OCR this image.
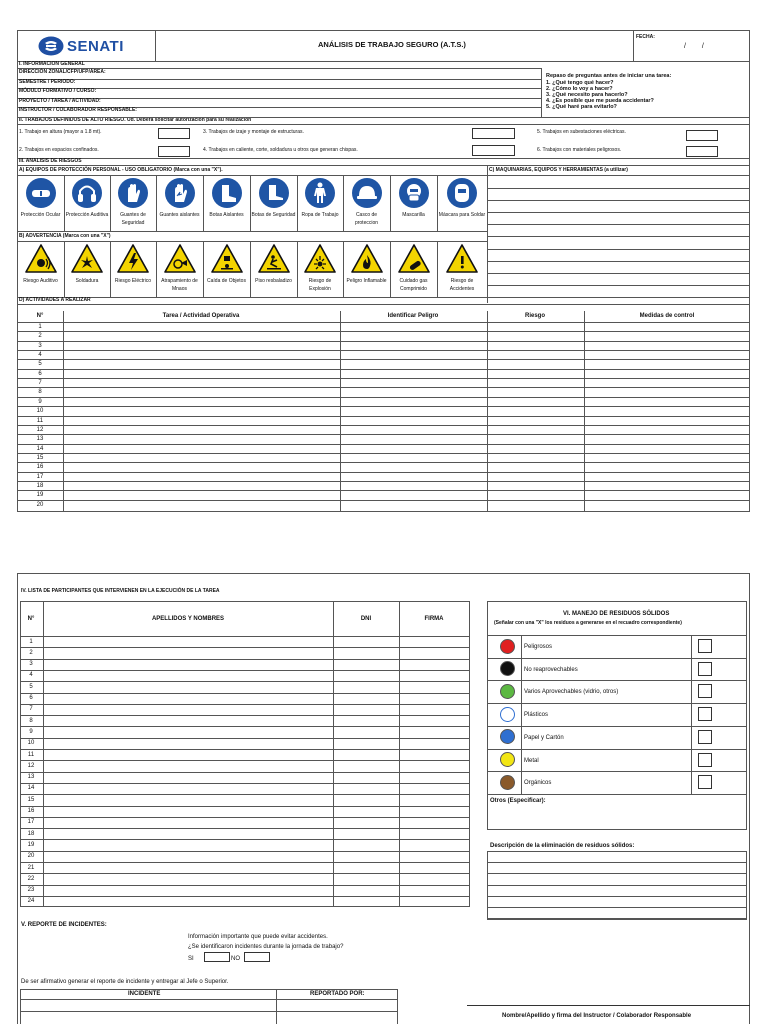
SENATI	ANÁLISIS DE TRABAJO SEGURO (A.T.S.)
FECHA:
/ /
I. INFORMACION GENERAL
Repaso de preguntas antes de iniciar una tarea:
II. TRABAJOS DEFINIDOS DE ALTO RIESGO. Ud. Deberá solicitar autorización para su realización
III. ANALISIS DE RIESGOS
A) EQUIPOS DE PROTECCIÓN PERSONAL - USO OBLIGATORIO (Marca con una "X").	C) MAQUINARIAS, EQUIPOS Y HERRAMIENTAS (a utilizar)
B) ADVERTENCIA (Marca con una "X")
D) ACTIVIDADES A REALIZAR
IV. LISTA DE PARTICIPANTES QUE INTERVIENEN EN LA EJECUCIÓN DE LA TAREA
VI. MANEJO DE RESIDUOS SÓLIDOS
(Señalar con una "X" los residuos a generarse en el recuadro correspondiente)
Otros (Especificar):
Descripción de la eliminación de residuos sólidos:
V. REPORTE DE INCIDENTES:
Información importante que puede evitar accidentes.
¿Se identificaron incidentes durante la jornada de trabajo?
SI	NO
De ser afirmativo generar el reporte de incidente y entregar al Jefe o Superior.
INCIDENTE	REPORTADO POR:
Nombre/Apellido y firma del Instructor / Colaborador Responsable
DIRECCIÓN ZONAL/CFP/UFP/ÁREA:
SEMESTRE / PERIODO:
MÓDULO FORMATIVO / CURSO:
PROYECTO / TAREA / ACTIVIDAD:
INSTRUCTOR / COLABORADOR RESPONSABLE:
1. ¿Qué tengo qué hacer?
2. ¿Cómo lo voy a hacer?
3. ¿Qué necesito para hacerlo?
4. ¿Es posible que me pueda accidentar?
5. ¿Qué haré para evitarlo?
1. Trabajo en altura (mayor a 1.8 mt).	3. Trabajos de izaje y montaje de estructuras.	5. Trabajos en subestaciones eléctricas.
2. Trabajos en espacios confinados.	4. Trabajos en caliente, corte, soldadura u otros que generan chispas.	6. Trabajos con materiales peligrosos.
Protección Ocular	Protección Auditiva	Guantes de Seguridad
Guantes aislantes	Botas Aislantes	Botas de Seguridad	Ropa de Trabajo	Casco de proteccion
Mascarilla	Máscara para Soldar
Riesgo Auditivo	Soldadura	Riesgo Eléctrico	Atrapamiento de Mnaos
Caída de Objetos	Piso resbaladizo	Riesgo de Explosión
Peligro Inflamable	Cuidado gas Comprimido
Riesgo de Accidentes
N°	Tarea / Actividad Operativa	Identificar Peligro	Riesgo	Medidas de control
1
2
3
4
5
6
7
8
9
10
11
12
13
14
15
16
17
18
19
20
N°	APELLIDOS Y NOMBRES	DNI	FIRMA
1
2
3
4
5
6
7
8
9
10
11
12
13
14
15
16
17
18
19
20
21
22
23
24
Peligrosos
No reaprovechables
Varios Aprovechables (vidrio, otros)
Plásticos
Papel y Cartón
Metal
Orgánicos
